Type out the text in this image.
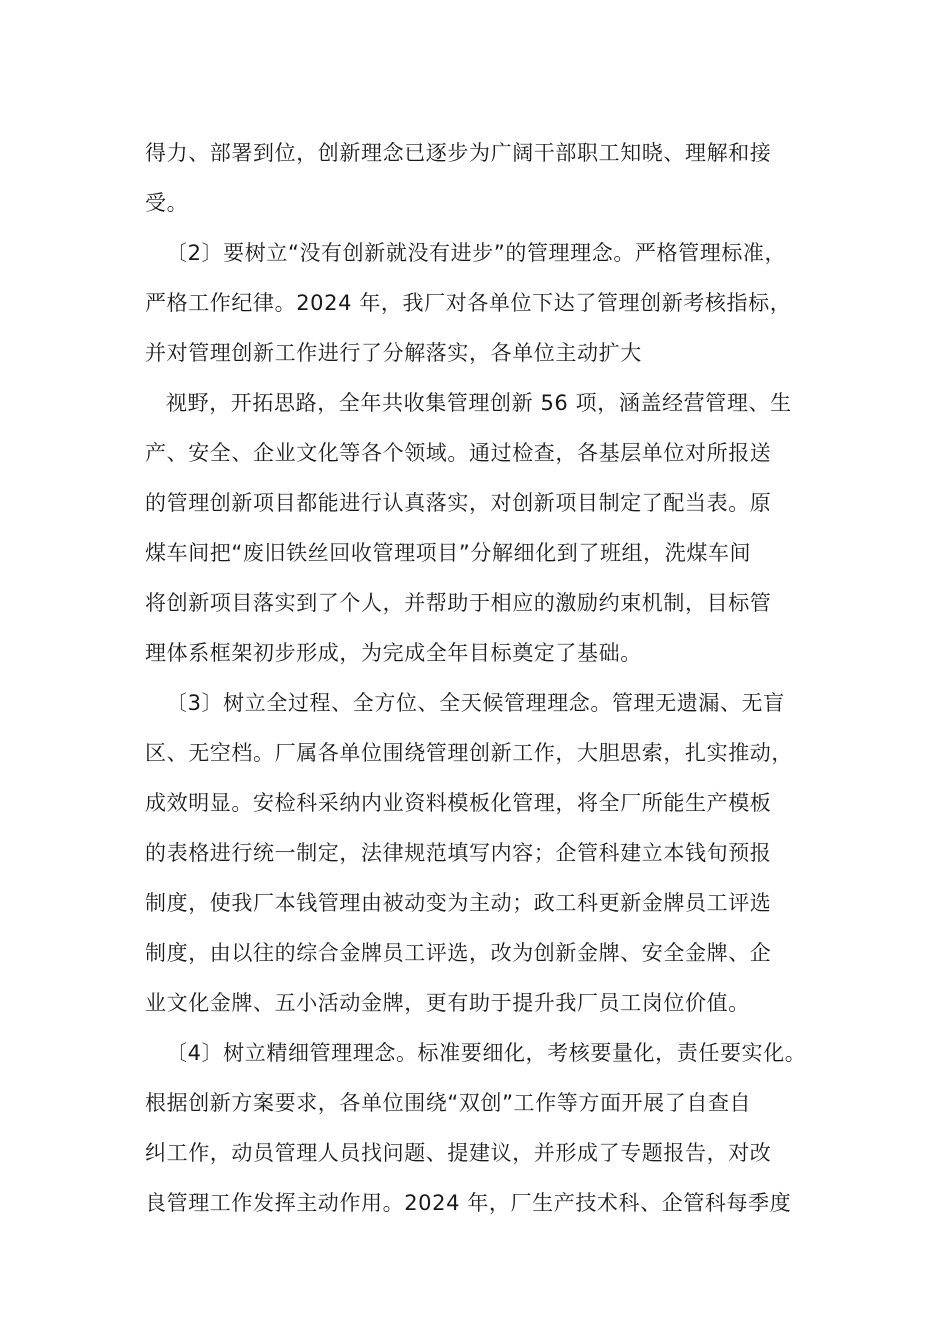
得力、部署到位，创新理念已逐步为广阔干部职工知晓、理解和接
受。
〔2〕要树立“没有创新就没有进步”的管理理念。严格管理标准，
严格工作纪律。2024 年，我厂对各单位下达了管理创新考核指标，
并对管理创新工作进行了分解落实，各单位主动扩大
视野，开拓思路，全年共收集管理创新 56 项，涵盖经营管理、生
产、安全、企业文化等各个领域。通过检查，各基层单位对所报送
的管理创新项目都能进行认真落实，对创新项目制定了配当表。原
煤车间把“废旧铁丝回收管理项目”分解细化到了班组，洗煤车间
将创新项目落实到了个人，并帮助于相应的激励约束机制，目标管
理体系框架初步形成，为完成全年目标奠定了基础。
〔3〕树立全过程、全方位、全天候管理理念。管理无遗漏、无盲
区、无空档。厂属各单位围绕管理创新工作，大胆思索，扎实推动，
成效明显。安检科采纳内业资料模板化管理，将全厂所能生产模板
的表格进行统一制定，法律规范填写内容；企管科建立本钱旬预报
制度，使我厂本钱管理由被动变为主动；政工科更新金牌员工评选
制度，由以往的综合金牌员工评选，改为创新金牌、安全金牌、企
业文化金牌、五小活动金牌，更有助于提升我厂员工岗位价值。
〔4〕树立精细管理理念。标准要细化，考核要量化，责任要实化。
根据创新方案要求，各单位围绕“双创”工作等方面开展了自查自
纠工作，动员管理人员找问题、提建议，并形成了专题报告，对改
良管理工作发挥主动作用。2024 年，厂生产技术科、企管科每季度
